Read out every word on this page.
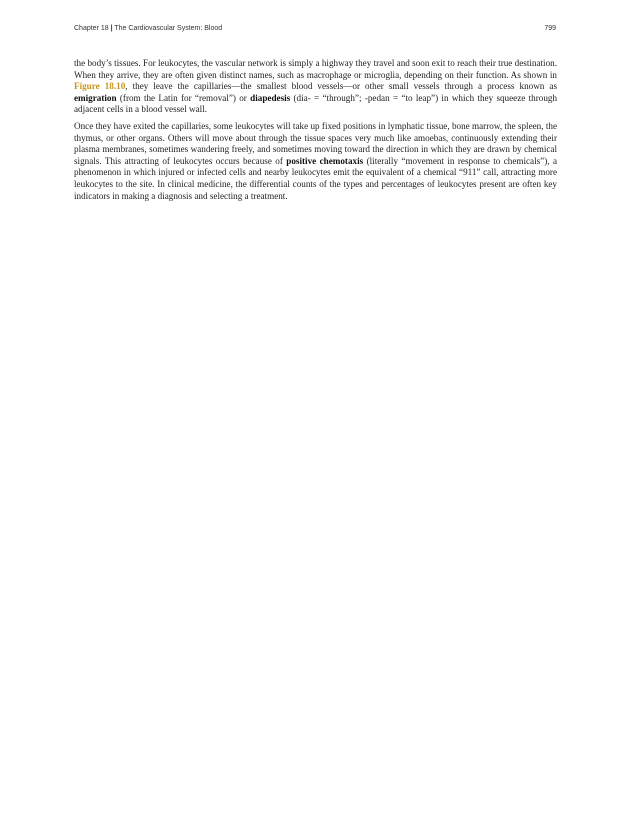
Chapter 18 | The Cardiovascular System: Blood	799

the body’s tissues. For leukocytes, the vascular network is simply a highway they travel and soon exit to reach their true destination. When they arrive, they are often given distinct names, such as macrophage or microglia, depending on their function. As shown in Figure 18.10, they leave the capillaries—the smallest blood vessels—or other small vessels through a process known as emigration (from the Latin for “removal”) or diapedesis (dia- = “through”; -pedan = “to leap”) in which they squeeze through adjacent cells in a blood vessel wall.

Once they have exited the capillaries, some leukocytes will take up fixed positions in lymphatic tissue, bone marrow, the spleen, the thymus, or other organs. Others will move about through the tissue spaces very much like amoebas, continuously extending their plasma membranes, sometimes wandering freely, and sometimes moving toward the direction in which they are drawn by chemical signals. This attracting of leukocytes occurs because of positive chemotaxis (literally “movement in response to chemicals”), a phenomenon in which injured or infected cells and nearby leukocytes emit the equivalent of a chemical “911” call, attracting more leukocytes to the site. In clinical medicine, the differential counts of the types and percentages of leukocytes present are often key indicators in making a diagnosis and selecting a treatment.
